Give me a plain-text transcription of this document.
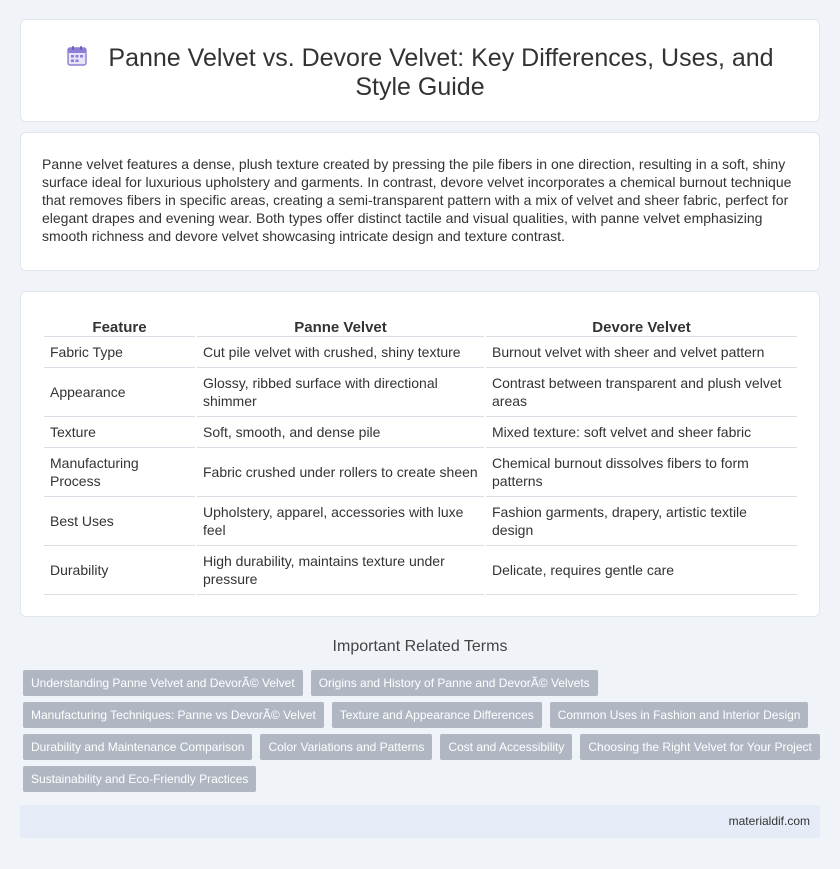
Panne Velvet vs. Devore Velvet: Key Differences, Uses, and Style Guide

Panne velvet features a dense, plush texture created by pressing the pile fibers in one direction, resulting in a soft, shiny surface ideal for luxurious upholstery and garments. In contrast, devore velvet incorporates a chemical burnout technique that removes fibers in specific areas, creating a semi-transparent pattern with a mix of velvet and sheer fabric, perfect for elegant drapes and evening wear. Both types offer distinct tactile and visual qualities, with panne velvet emphasizing smooth richness and devore velvet showcasing intricate design and texture contrast.

Feature	Panne Velvet	Devore Velvet
Fabric Type	Cut pile velvet with crushed, shiny texture	Burnout velvet with sheer and velvet pattern
Appearance	Glossy, ribbed surface with directional shimmer	Contrast between transparent and plush velvet areas
Texture	Soft, smooth, and dense pile	Mixed texture: soft velvet and sheer fabric
Manufacturing Process	Fabric crushed under rollers to create sheen	Chemical burnout dissolves fibers to form patterns
Best Uses	Upholstery, apparel, accessories with luxe feel	Fashion garments, drapery, artistic textile design
Durability	High durability, maintains texture under pressure	Delicate, requires gentle care
Important Related Terms
Understanding Panne Velvet and DevorÃ© Velvet	Origins and History of Panne and DevorÃ© Velvets
Manufacturing Techniques: Panne vs DevorÃ© Velvet	Texture and Appearance Differences	Common Uses in Fashion and Interior Design
Durability and Maintenance Comparison	Color Variations and Patterns	Cost and Accessibility	Choosing the Right Velvet for Your Project
Sustainability and Eco-Friendly Practices
materialdif.com
